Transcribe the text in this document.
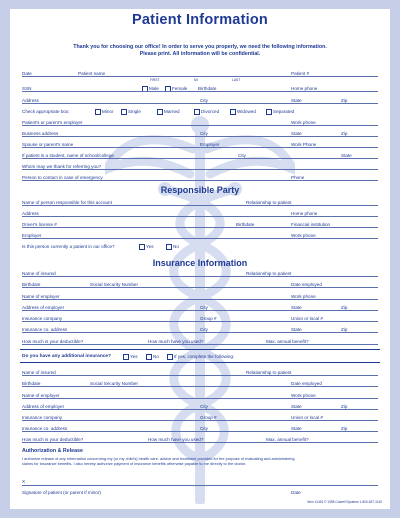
Patient Information
Thank you for choosing our office! In order to serve you properly, we need the following information.
Please print. All information will be confidential.
Date	Patient name	Patient #
FIRST	MI	LAST
SSN	Male	Female Birthdate	Home phone
Address	City	State	Zip
Check appropriate box:	Minor	Single	Married	Divorced	Widowed	Separated
Patient's or parent's employer	Work phone
Business address	City	State	Zip
Spouse or parent's name	Employer	Work Phone
If patient is a student, name of school/college	City	State
Whom may we thank for referring you?
Person to contact in case of emergency	Phone
Responsible Party
Name of person responsible for this account	Relationship to patient
Address	Home phone
Driver's license #	Birthdate	Financial institution
Employer	Work phone
Is this person currently a patient in our office?	Yes	No
Insurance Information
Name of insured	Relationship to patient
Birthdate	Social Security Number	Date employed
Name of employer	Work phone
Address of employer	City	State	Zip
Insurance company	Group #	Union or local #
Insurance co. address	City	State	Zip
How much is your deductible?	How much have you used?	Max. annual benefit?
Do you have any additional insurance?	Yes	No	If yes, complete the following:
Name of insured	Relationship to patient
Birthdate	Social Security Number	Date employed
Name of employer	Work phone
Address of employer	City	State	Zip
Insurance company	Group #	Union or local #
Insurance co. address	City	State	Zip
How much is your deductible?	How much have you used?	Max. annual benefit?
Authorization & Release
I authorize release of any information concerning my (or my child's) health care, advice and treatment provided for the purpose of evaluating and administering
claims for insurance benefits. I also hereby authorize payment of insurance benefits otherwise payable to me directly to the doctor.
X
Signature of patient (or parent if minor)	Date
Item 11434 © 1998 Colwell Systems 1-800-637-1140
